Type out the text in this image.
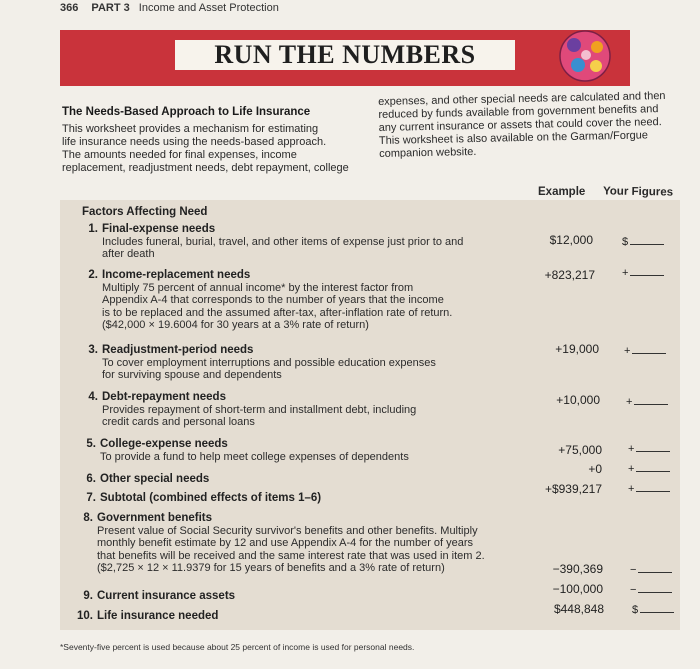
366 PART 3 Income and Asset Protection
RUN THE NUMBERS
The Needs-Based Approach to Life Insurance
This worksheet provides a mechanism for estimating
life insurance needs using the needs-based approach.
The amounts needed for final expenses, income
replacement, readjustment needs, debt repayment, college
expenses, and other special needs are calculated and then
reduced by funds available from government benefits and
any current insurance or assets that could cover the need.
This worksheet is also available on the Garman/Forgue
companion website.
Example Your Figures
Factors Affecting Need
1. Final-expense needs
Includes funeral, burial, travel, and other items of expense just prior to and
after death
$12,000	$
2. Income-replacement needs
Multiply 75 percent of annual income* by the interest factor from
Appendix A-4 that corresponds to the number of years that the income
is to be replaced and the assumed after-tax, after-inflation rate of return.
($42,000 × 19.6004 for 30 years at a 3% rate of return)
+823,217 +
3. Readjustment-period needs
To cover employment interruptions and possible education expenses
for surviving spouse and dependents
+19,000 +
4. Debt-repayment needs
Provides repayment of short-term and installment debt, including
credit cards and personal loans
+10,000 +
5. College-expense needs
To provide a fund to help meet college expenses of dependents	+75,000 +
6. Other special needs
+0 +
7. Subtotal (combined effects of items 1–6)
+$939,217 +
8. Government benefits
Present value of Social Security survivor's benefits and other benefits. Multiply
monthly benefit estimate by 12 and use Appendix A-4 for the number of years
that benefits will be received and the same interest rate that was used in item 2.
($2,725 × 12 × 11.9379 for 15 years of benefits and a 3% rate of return)	−390,369 −
9. Current insurance assets	−100,000 −
10. Life insurance needed	$448,848	$
*Seventy-five percent is used because about 25 percent of income is used for personal needs.
